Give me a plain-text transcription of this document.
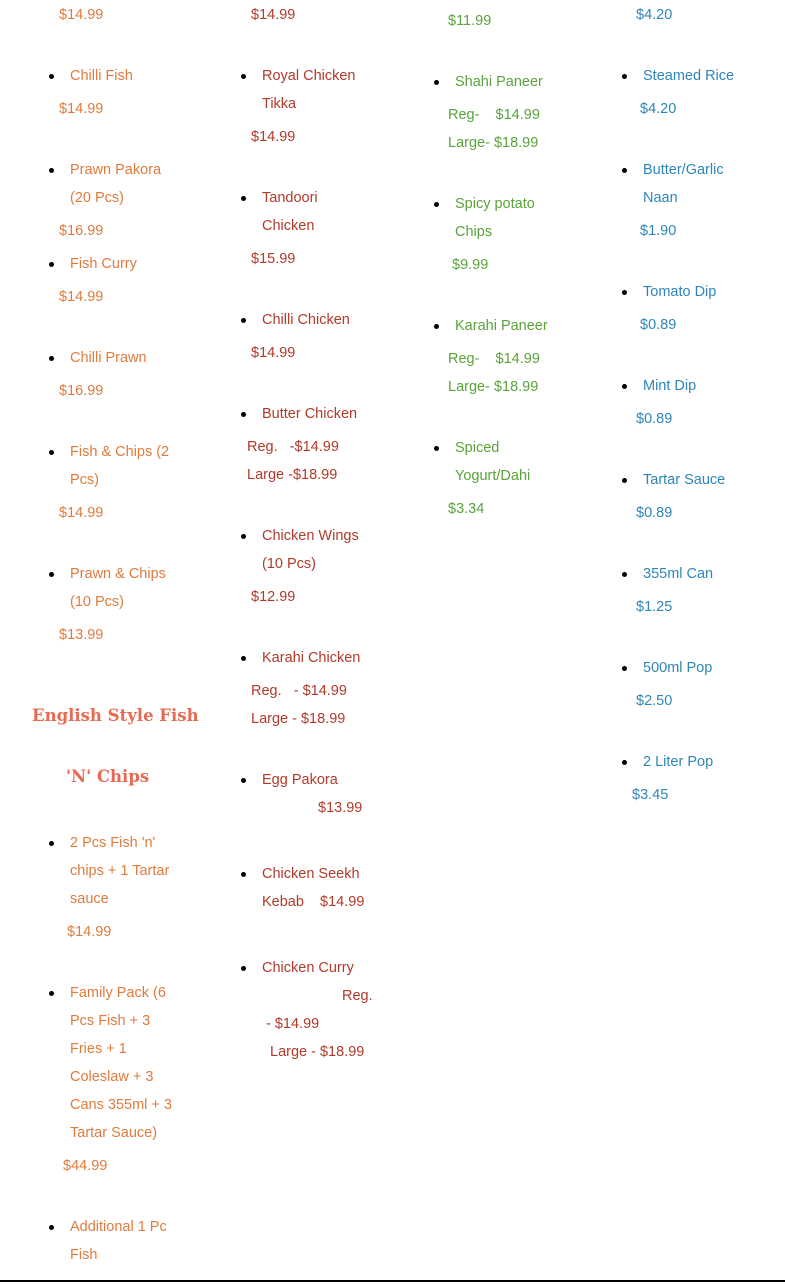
$14.99
Chilli Fish
$14.99
Prawn Pakora
(20 Pcs)
$16.99
Fish Curry
$14.99
Chilli Prawn
$16.99
Fish & Chips (2
Pcs)
$14.99
Prawn & Chips
(10 Pcs)
$13.99
English Style Fish
'N' Chips
2 Pcs Fish 'n'
chips + 1 Tartar
sauce
$14.99
Family Pack (6
Pcs Fish + 3
Fries + 1
Coleslaw + 3
Cans 355ml + 3
Tartar Sauce)
$44.99
Additional 1 Pc
Fish
$14.99
Royal Chicken
Tikka
$14.99
Tandoori
Chicken
$15.99
Chilli Chicken
$14.99
Butter Chicken
Reg.   -$14.99
Large -$18.99
Chicken Wings
(10 Pcs)
$12.99
Karahi Chicken
Reg.   - $14.99
Large - $18.99
Egg Pakora
$13.99
Chicken Seekh
Kebab    $14.99
Chicken Curry
Reg.
- $14.99
Large - $18.99
$11.99
Shahi Paneer
Reg-    $14.99
Large- $18.99
Spicy potato
Chips
$9.99
Karahi Paneer
Reg-    $14.99
Large- $18.99
Spiced
Yogurt/Dahi
$3.34
$4.20
Steamed Rice
$4.20
Butter/Garlic
Naan
$1.90
Tomato Dip
$0.89
Mint Dip
$0.89
Tartar Sauce
$0.89
355ml Can
$1.25
500ml Pop
$2.50
2 Liter Pop
$3.45
